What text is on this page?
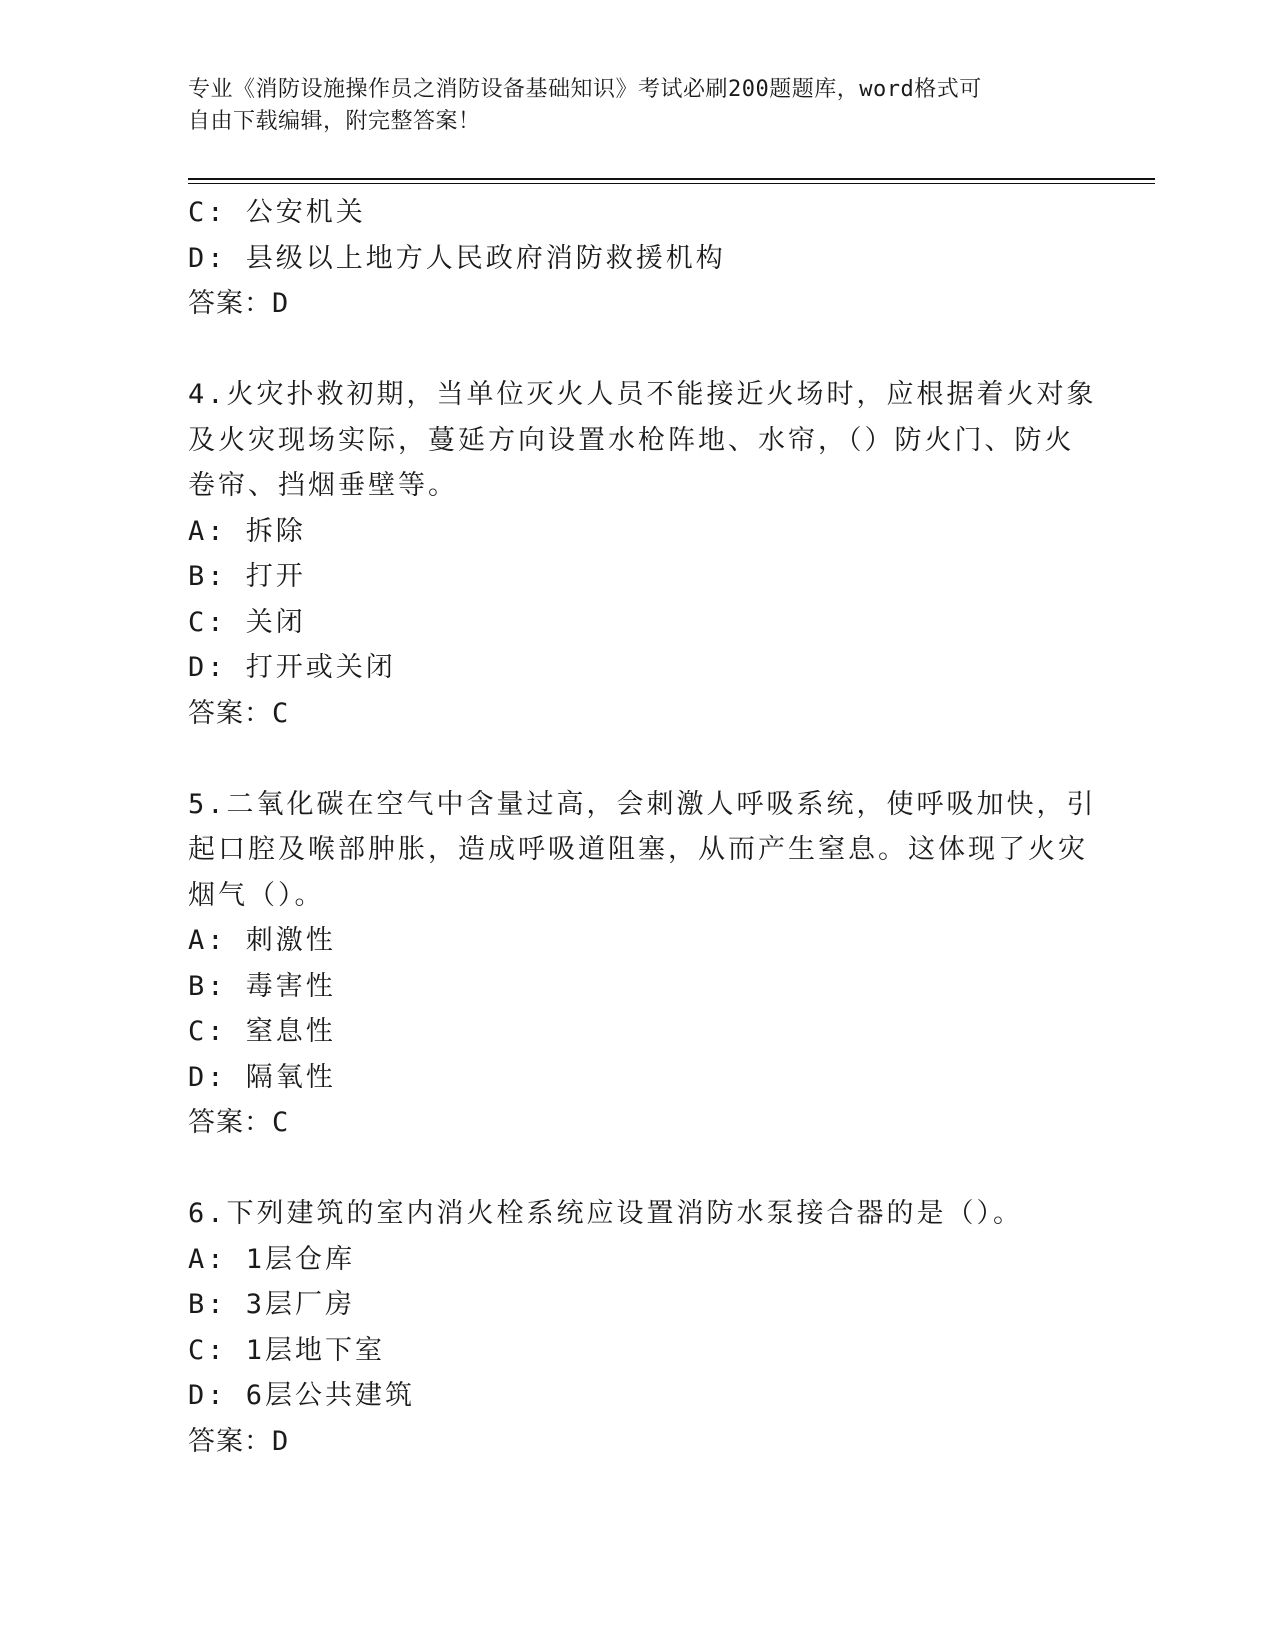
专业《消防设施操作员之消防设备基础知识》考试必刷200题题库，word格式可
自由下载编辑，附完整答案！
C: 公安机关
D: 县级以上地方人民政府消防救援机构
答案：D
4.火灾扑救初期，当单位灭火人员不能接近火场时，应根据着火对象
及火灾现场实际，蔓延方向设置水枪阵地、水帘，（）防火门、防火
卷帘、挡烟垂壁等。
A: 拆除
B: 打开
C: 关闭
D: 打开或关闭
答案：C
5.二氧化碳在空气中含量过高，会刺激人呼吸系统，使呼吸加快，引
起口腔及喉部肿胀，造成呼吸道阻塞，从而产生窒息。这体现了火灾
烟气（）。
A: 刺激性
B: 毒害性
C: 窒息性
D: 隔氧性
答案：C
6.下列建筑的室内消火栓系统应设置消防水泵接合器的是（）。
A: 1层仓库
B: 3层厂房
C: 1层地下室
D: 6层公共建筑
答案：D
